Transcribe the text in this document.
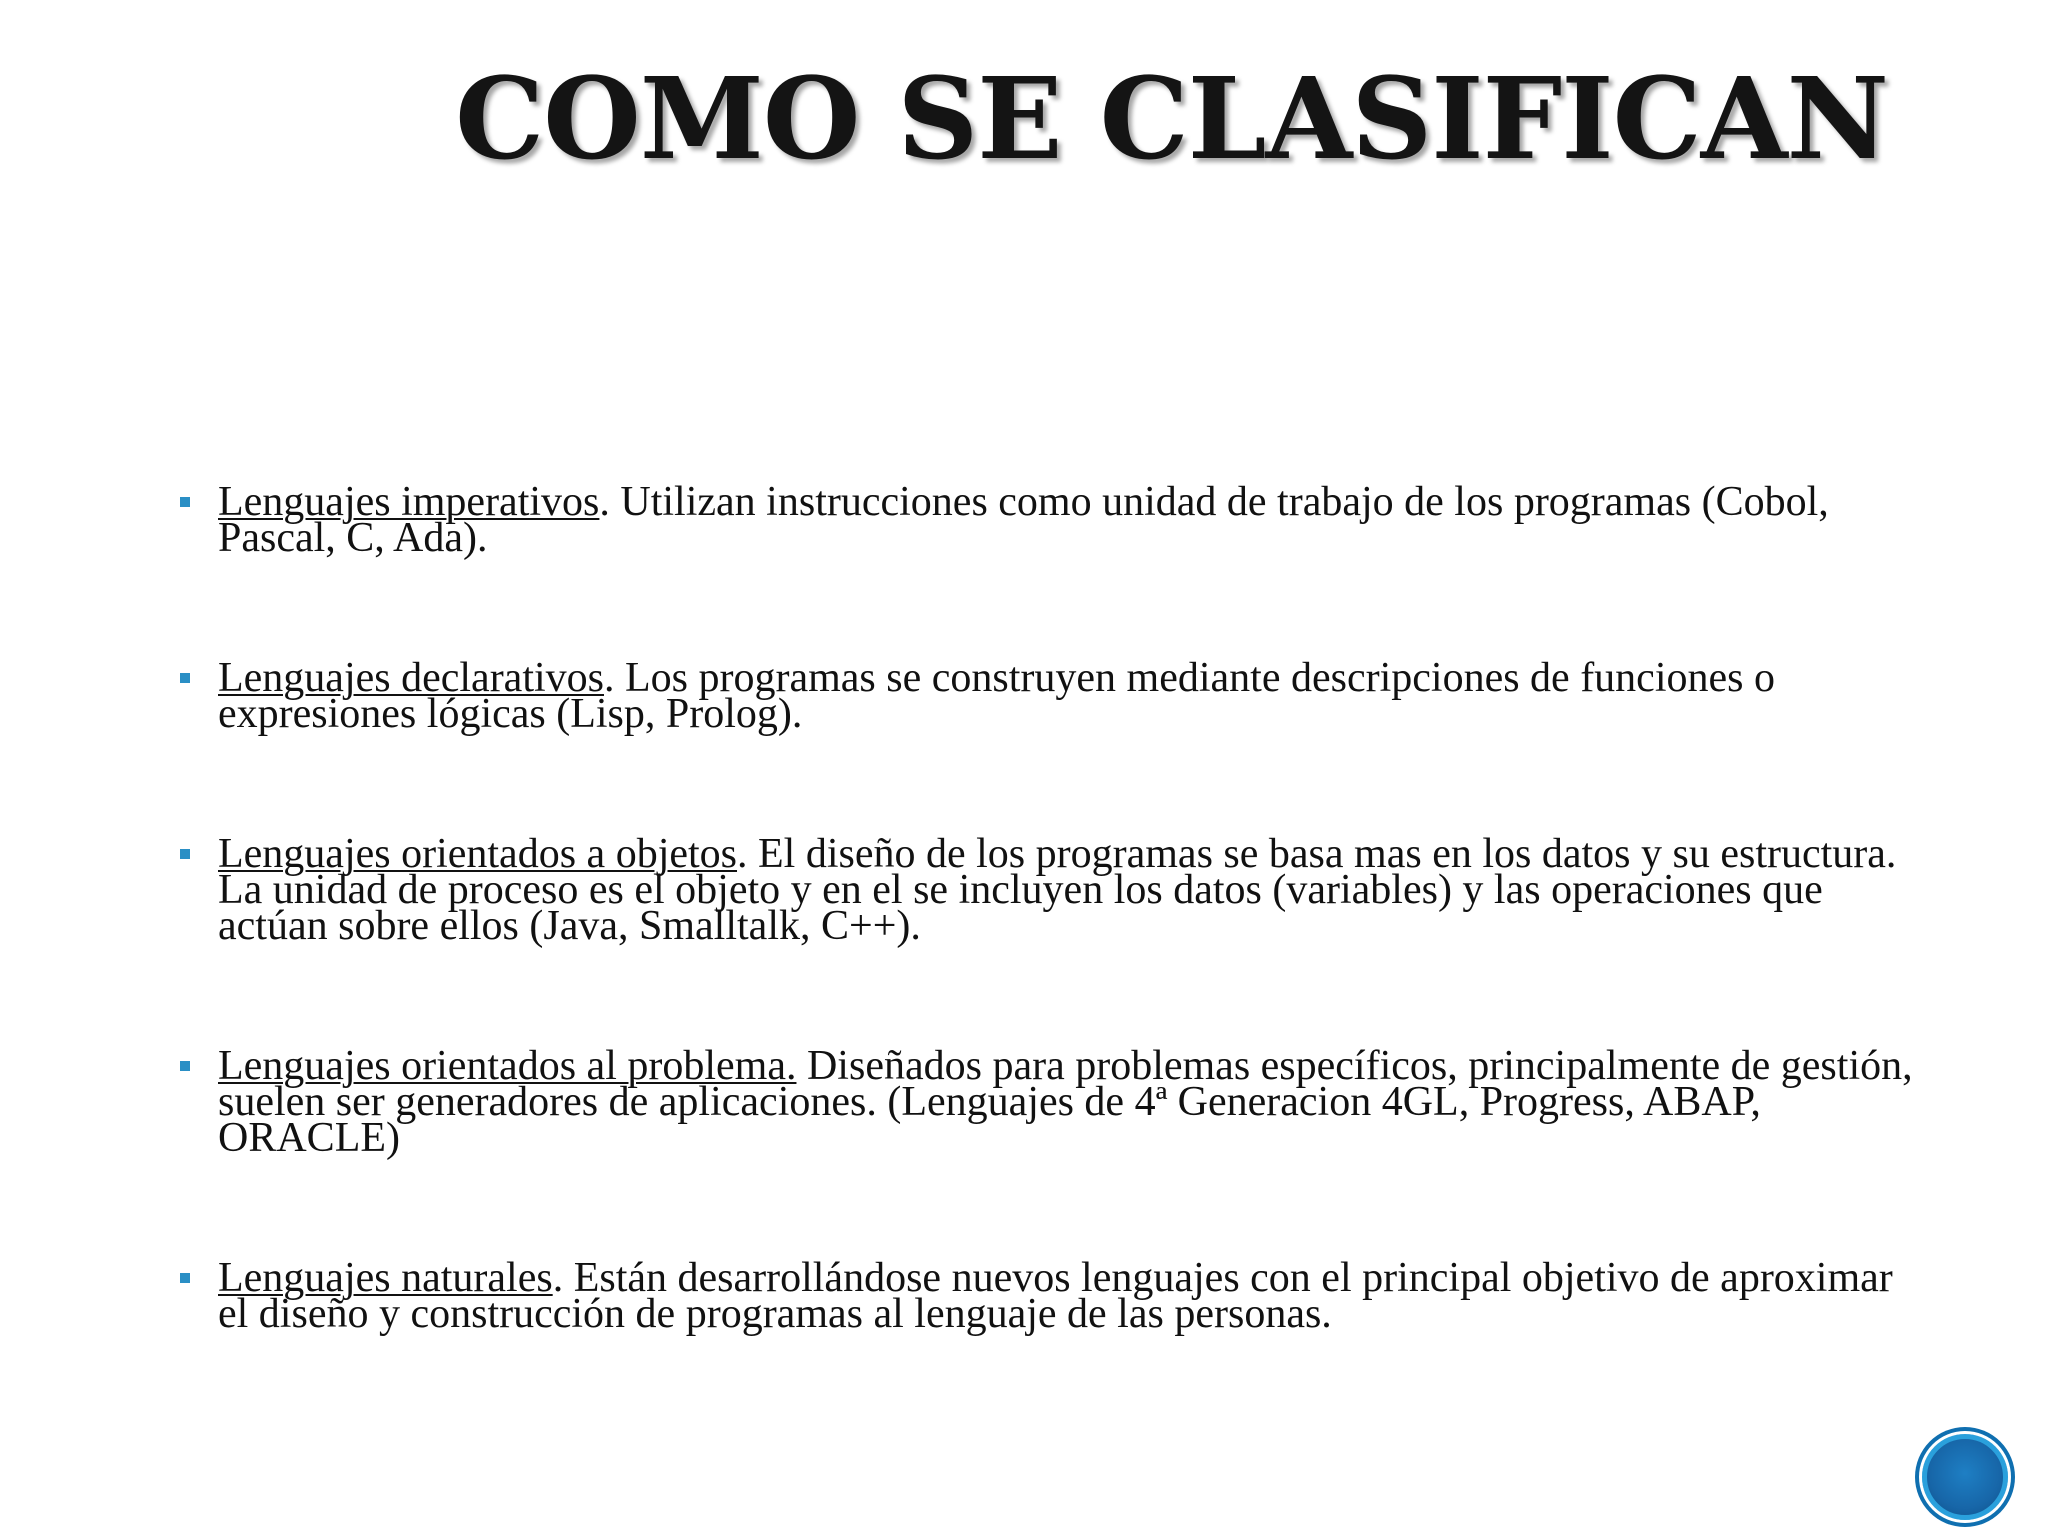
COMO SE CLASIFICAN
Lenguajes imperativos. Utilizan instrucciones como unidad de trabajo de los programas (Cobol, Pascal, C, Ada).
Lenguajes declarativos. Los programas se construyen mediante descripciones de funciones o expresiones lógicas (Lisp, Prolog).
Lenguajes orientados a objetos. El diseño de los programas se basa mas en los datos y su estructura. La unidad de proceso es el objeto y en el se incluyen los datos (variables) y las operaciones que actúan sobre ellos (Java, Smalltalk, C++).
Lenguajes orientados al problema. Diseñados para problemas específicos, principalmente de gestión, suelen ser generadores de aplicaciones. (Lenguajes de 4ª Generacion 4GL, Progress, ABAP, ORACLE)
Lenguajes naturales. Están desarrollándose nuevos lenguajes con el principal objetivo de aproximar el diseño y construcción de programas al lenguaje de las personas.
